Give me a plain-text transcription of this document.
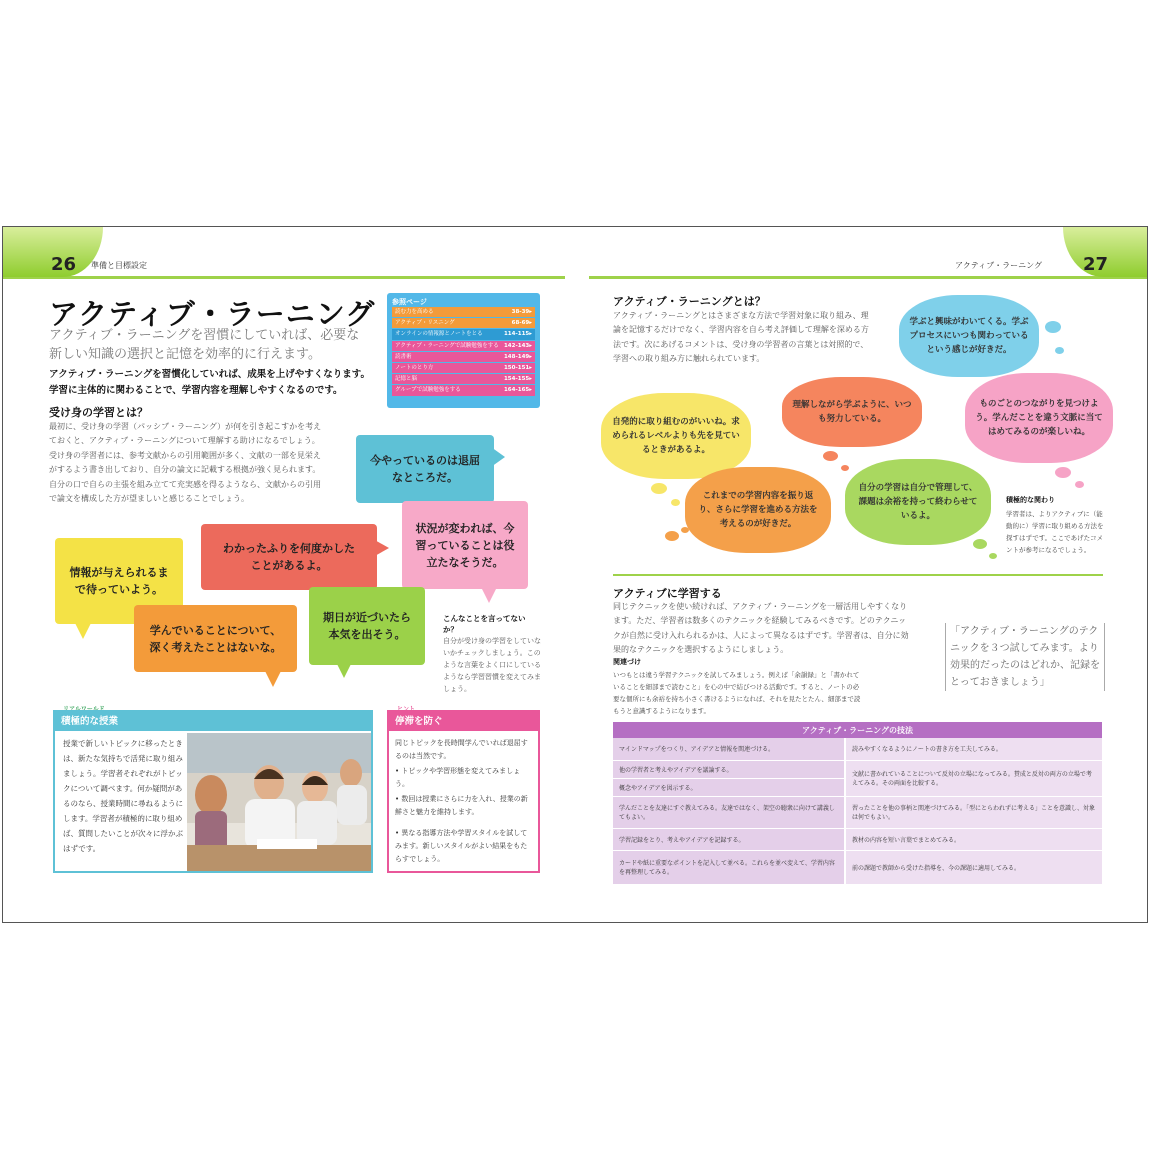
26 準備と目標設定	アクティブ・ラーニング 27
アクティブ・ラーニング
アクティブ・ラーニングを習慣にしていれば、必要な新しい知識の選択と記憶を効率的に行えます。
アクティブ・ラーニングを習慣化していれば、成果を上げやすくなります。学習に主体的に関わることで、学習内容を理解しやすくなるのです。
受け身の学習とは？
最初に、受け身の学習（パッシブ・ラーニング）が何を引き起こすかを考えておくと、アクティブ・ラーニングについて理解する助けになるでしょう。受け身の学習者には、参考文献からの引用範囲が多く、文献の一部を見栄えがするよう書き出しており、自分の論文に記載する根拠が強く見られます。自分の口で自らの主張を組み立てて充実感を得るようなら、文献からの引用で論文を構成した方が望ましいと感じることでしょう。
参照ページ
読む力を高める	38-39▸
アクティブ・リスニング	68-69▸
オンラインの情報源とノートをとる	114-115▸
アクティブ・ラーニングで試験勉強をする 142-143▸
読書術	148-149▸
ノートのとり方	150-151▸
記憶と脳	154-155▸
グループで試験勉強をする	164-165▸
今やっているのは退屈なところだ。
状況が変われば、今習っていることは役立たなそうだ。
わかったふりを何度かしたことがあるよ。
情報が与えられるまで待っていよう。
学んでいることについて、深く考えたことはないな。
期日が近づいたら本気を出そう。
こんなことを言ってないか？
自分が受け身の学習をしていないかチェックしましょう。このような言葉をよく口にしているようなら学習習慣を変えてみましょう。
積極的な授業
授業で新しいトピックに移ったときは、新たな気持ちで活発に取り組みましょう。学習者それぞれがトピックについて調べます。何か疑問があるのなら、授業時間に尋ねるようにします。学習者が積極的に取り組めば、質問したいことが次々に浮かぶはずです。
停滞を防ぐ
同じトピックを長時間学んでいれば退屈するのは当然です。
• トピックや学習形態を変えてみましょう。
• 数回は授業にさらに力を入れ、授業の新鮮さと魅力を維持します。
• 異なる指導方法や学習スタイルを試してみます。新しいスタイルがよい結果をもたらすでしょう。
アクティブ・ラーニングとは？
アクティブ・ラーニングとはさまざまな方法で学習対象に取り組み、理論を記憶するだけでなく、学習内容を自ら考え評価して理解を深める方法です。次にあげるコメントは、受け身の学習者の言葉とは対照的で、学習への取り組み方に触れられています。
学ぶと興味がわいてくる。学ぶプロセスにいつも関わっているという感じが好きだ。
自発的に取り組むのがいいね。求められるレベルよりも先を見ているときがあるよ。
理解しながら学ぶように、いつも努力している。
ものごとのつながりを見つけよう。学んだことを違う文脈に当てはめてみるのが楽しいね。
これまでの学習内容を振り返り、さらに学習を進める方法を考えるのが好きだ。
自分の学習は自分で管理して、課題は余裕を持って終わらせているよ。
積極的な関わり
学習者は、よりアクティブに（能動的に）学習に取り組める方法を探すはずです。ここであげたコメントが参考になるでしょう。
アクティブに学習する
同じテクニックを使い続ければ、アクティブ・ラーニングを一層活用しやすくなります。ただ、学習者は数多くのテクニックを経験してみるべきです。どのテクニックが自然に受け入れられるかは、人によって異なるはずです。学習者は、自分に効果的なテクニックを選択するようにしましょう。
関連づけ
いつもとは違う学習テクニックを試してみましょう。例えば「余韻録」と「書かれていることを細部まで読むこと」を心の中で結びつける活動です。すると、ノートの必要な個所にも余裕を持ち小さく書けるようになれば、それを見たとたん、細部まで読もうと意識するようになります。
「アクティブ・ラーニングのテクニックを３つ試してみます。より効果的だったのはどれか、記録をとっておきましょう」
アクティブ・ラーニングの技法	
マインドマップをつくり、アイデアと情報を関連づける。	読みやすくなるようにノートの書き方を工夫してみる。
他の学習者と考えやアイデアを議論する。	文献に書かれていることについて反対の立場になってみる。賛成と反対の両方の立場で考えてみる。その両面を比較する。
概念やアイデアを図示する。	
学んだことを友達にすぐ教えてみる。友達ではなく、架空の聴衆に向けて講義してもよい。	習ったことを他の事柄と関連づけてみる。「型にとらわれずに考える」ことを意識し、対象は何でもよい。
学習記録をとり、考えやアイデアを記録する。	教材の内容を短い言葉でまとめてみる。
カードや紙に重要なポイントを記入して並べる。これらを並べ変えて、学習内容を再整理してみる。	前の課題で教師から受けた指導を、今の課題に適用してみる。
